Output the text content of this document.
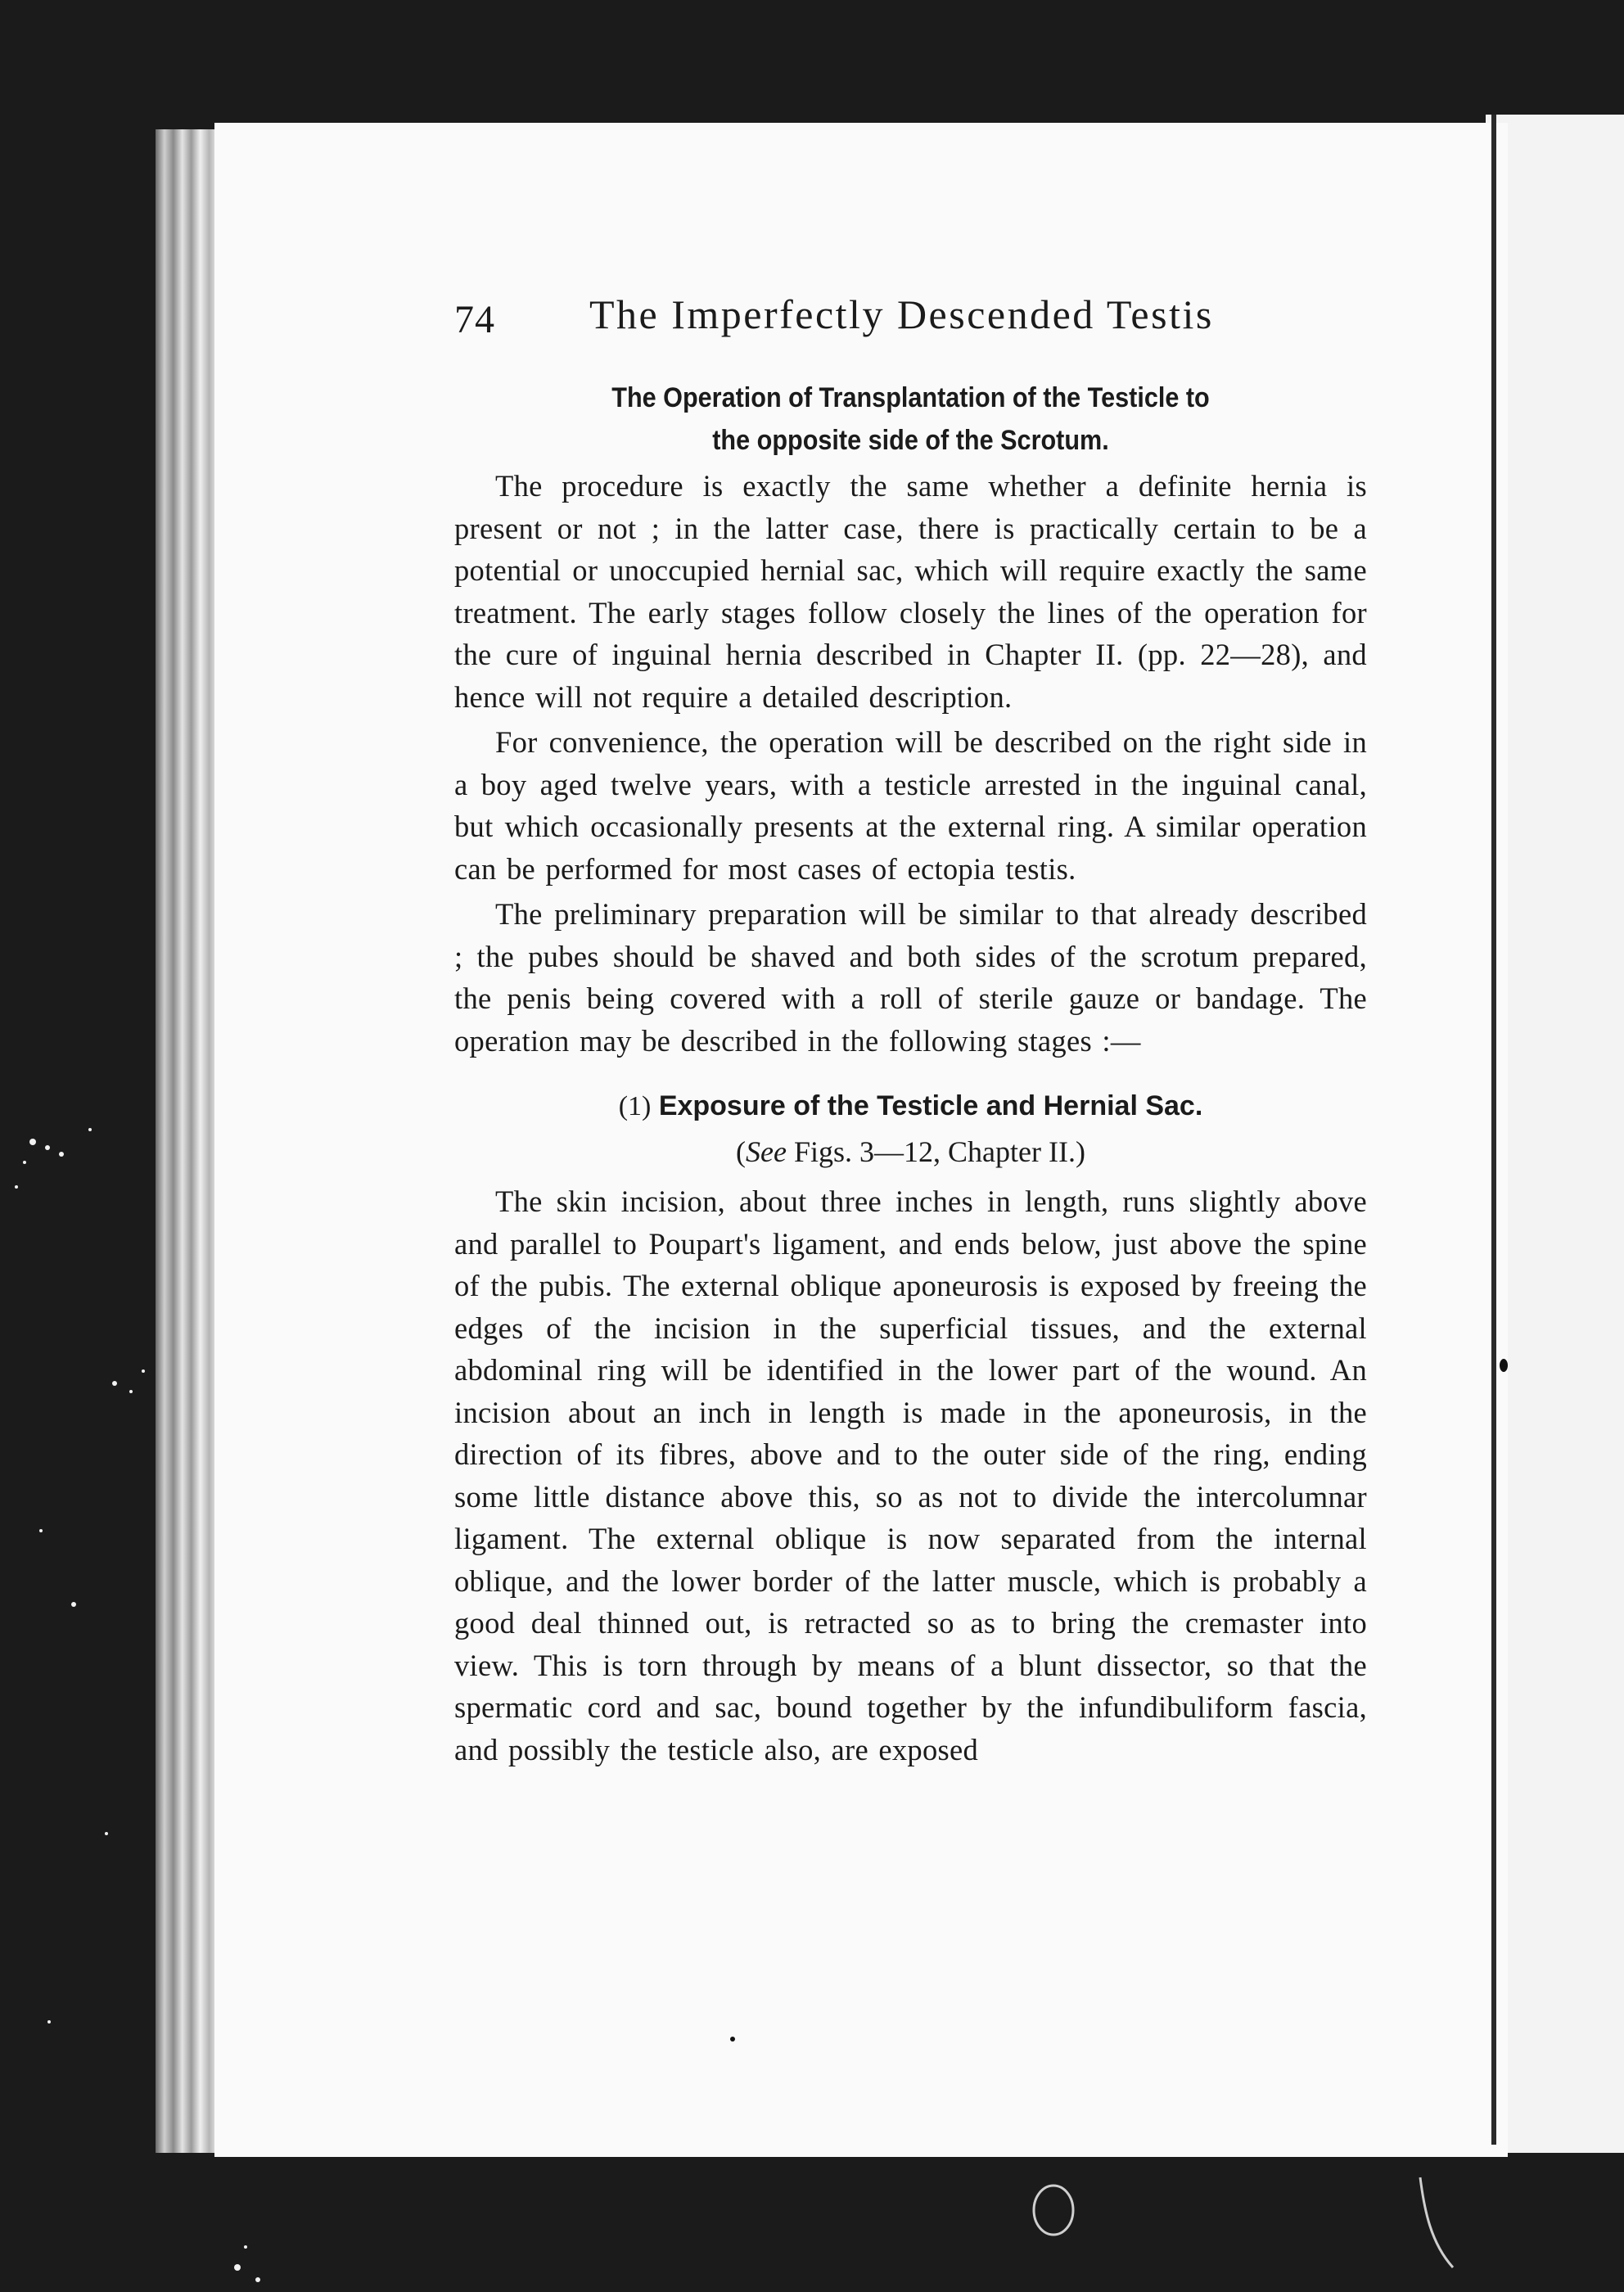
74 The Imperfectly Descended Testis
The Operation of Transplantation of the Testicle to
the opposite side of the Scrotum.

The procedure is exactly the same whether a definite hernia is present or not ; in the latter case, there is practically certain to be a potential or unoccupied hernial sac, which will require exactly the same treatment. The early stages follow closely the lines of the operation for the cure of inguinal hernia described in Chapter II. (pp. 22—28), and hence will not require a detailed description.

For convenience, the operation will be described on the right side in a boy aged twelve years, with a testicle arrested in the inguinal canal, but which occasionally presents at the external ring. A similar operation can be performed for most cases of ectopia testis.

The preliminary preparation will be similar to that already described ; the pubes should be shaved and both sides of the scrotum prepared, the penis being covered with a roll of sterile gauze or bandage. The operation may be described in the following stages :—

(1) Exposure of the Testicle and Hernial Sac.
(See Figs. 3—12, Chapter II.)

The skin incision, about three inches in length, runs slightly above and parallel to Poupart's ligament, and ends below, just above the spine of the pubis. The external oblique aponeurosis is exposed by freeing the edges of the incision in the superficial tissues, and the external abdominal ring will be identified in the lower part of the wound. An incision about an inch in length is made in the aponeurosis, in the direction of its fibres, above and to the outer side of the ring, ending some little distance above this, so as not to divide the intercolumnar ligament. The external oblique is now separated from the internal oblique, and the lower border of the latter muscle, which is probably a good deal thinned out, is retracted so as to bring the cremaster into view. This is torn through by means of a blunt dissector, so that the spermatic cord and sac, bound together by the infundibuliform fascia, and possibly the testicle also, are exposed
